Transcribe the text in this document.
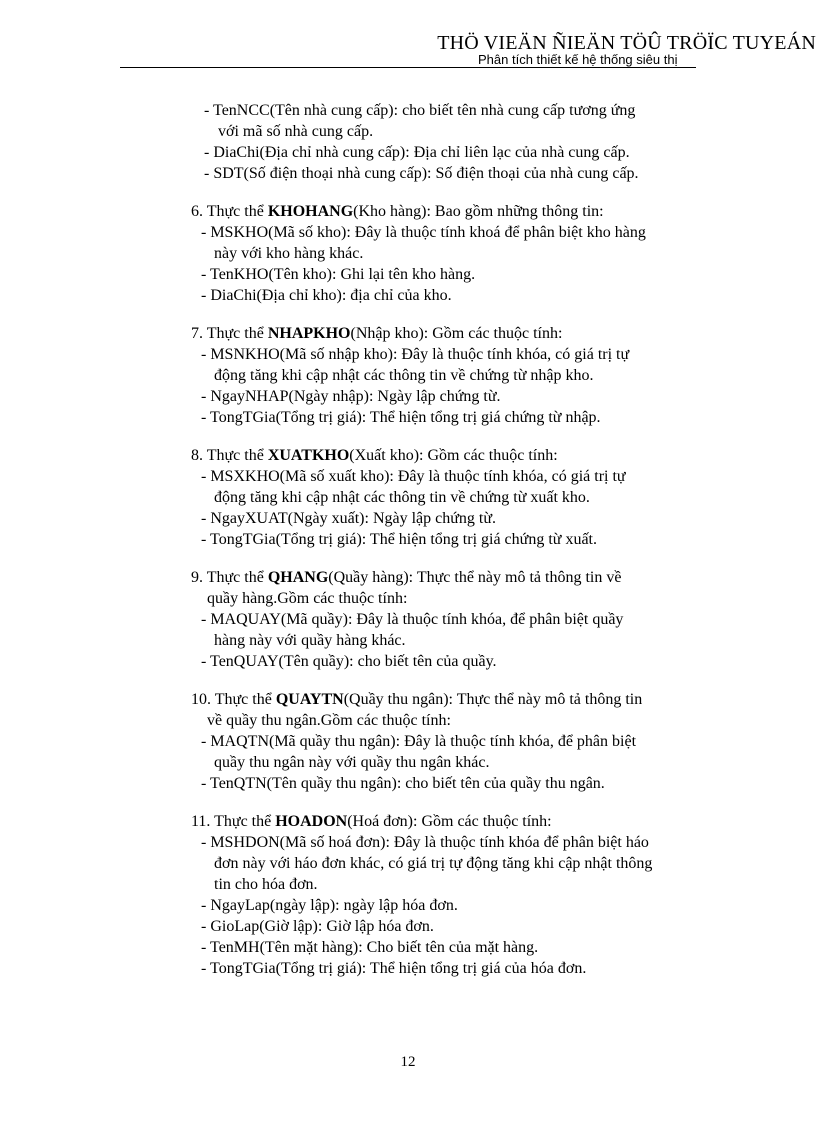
THÖ VIEÄN ÑIEÄN TÖÛ TRÖÏC TUYEÁN
Phân tích thiết kế hệ thống siêu thị
- TenNCC(Tên nhà cung cấp): cho biết tên nhà cung cấp tương ứng
với mã số nhà cung cấp.
- DiaChi(Địa chỉ nhà cung cấp): Địa chỉ liên lạc của nhà cung cấp.
- SDT(Số điện thoại nhà cung cấp): Số điện thoại của nhà cung cấp.
6. Thực thể KHOHANG(Kho hàng): Bao gồm những thông tin:
- MSKHO(Mã số kho): Đây là thuộc tính khoá để phân biệt kho hàng
này với kho hàng khác.
- TenKHO(Tên kho): Ghi lại tên kho hàng.
- DiaChi(Địa chỉ kho): địa chỉ của kho.
7. Thực thể NHAPKHO(Nhập kho): Gồm các thuộc tính:
- MSNKHO(Mã số nhập kho): Đây là thuộc tính khóa, có giá trị tự
động tăng khi cập nhật các thông tin về chứng từ nhập kho.
- NgayNHAP(Ngày nhập): Ngày lập chứng từ.
- TongTGia(Tổng trị giá): Thể hiện tổng trị giá chứng từ nhập.
8. Thực thể XUATKHO(Xuất kho): Gồm các thuộc tính:
- MSXKHO(Mã số xuất kho): Đây là thuộc tính khóa, có giá trị tự
động tăng khi cập nhật các thông tin về chứng từ xuất kho.
- NgayXUAT(Ngày xuất): Ngày lập chứng từ.
- TongTGia(Tổng trị giá): Thể hiện tổng trị giá chứng từ xuất.
9. Thực thể QHANG(Quầy hàng): Thực thể này mô tả thông tin về
quầy hàng.Gồm các thuộc tính:
- MAQUAY(Mã quầy): Đây là thuộc tính khóa, để phân biệt quầy
hàng này với quầy hàng khác.
- TenQUAY(Tên quầy): cho biết tên của quầy.
10. Thực thể QUAYTN(Quầy thu ngân): Thực thể này mô tả thông tin
về quầy thu ngân.Gồm các thuộc tính:
- MAQTN(Mã quầy thu ngân): Đây là thuộc tính khóa, để phân biệt
quầy thu ngân này với quầy thu ngân khác.
- TenQTN(Tên quầy thu ngân): cho biết tên của quầy thu ngân.
11. Thực thể HOADON(Hoá đơn): Gồm các thuộc tính:
- MSHDON(Mã số hoá đơn): Đây là thuộc tính khóa để phân biệt háo
đơn này với háo đơn khác, có giá trị tự động tăng khi cập nhật thông
tin cho hóa đơn.
- NgayLap(ngày lập): ngày lập hóa đơn.
- GioLap(Giờ lập): Giờ lập hóa đơn.
- TenMH(Tên mặt hàng): Cho biết tên của mặt hàng.
- TongTGia(Tổng trị giá): Thể hiện tổng trị giá của hóa đơn.
12
